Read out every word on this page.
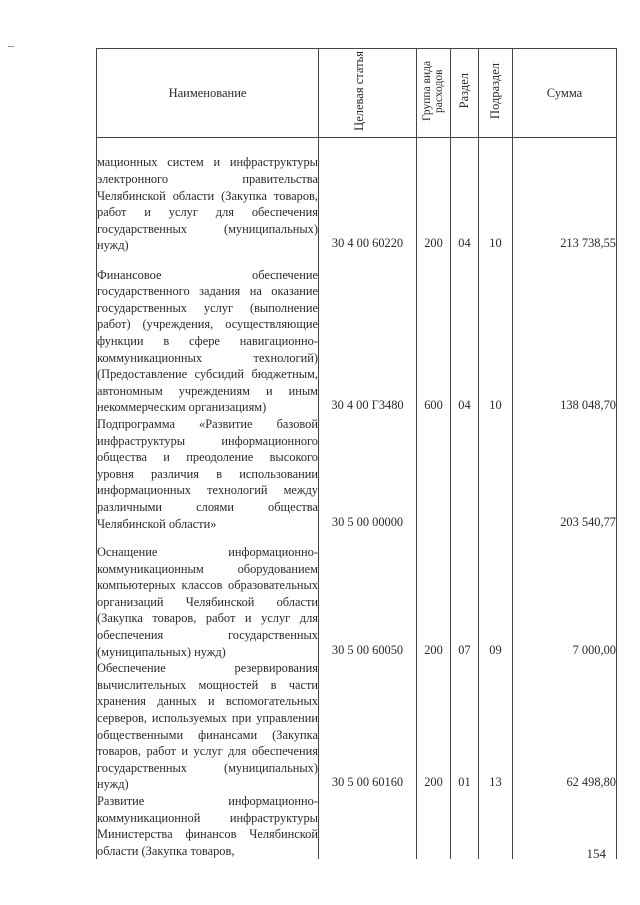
Наименование	Целевая статья	Группа вида расходов	Раздел	Подраздел	Сумма
мационных систем и инфраструктуры электронного правительства Челябинской области (Закупка товаров, работ и услуг для обеспечения государственных (муниципальных) нужд)	30 4 00 60220	200	04	10	213 738,55

Финансовое обеспечение государственного задания на оказание государственных услуг (выполнение работ) (учреждения, осуществляющие функции в сфере навигационно-коммуникационных технологий) (Предоставление субсидий бюджетным, автономным учреждениям и иным некоммерческим организациям)	30 4 00 Г3480	600	04	10	138 048,70

Подпрограмма «Развитие базовой инфраструктуры информационного общества и преодоление высокого уровня различия в использовании информационных технологий между различными слоями общества Челябинской области»	30 5 00 00000				203 540,77

Оснащение информационно-коммуникационным оборудованием компьютерных классов образовательных организаций Челябинской области (Закупка товаров, работ и услуг для обеспечения государственных (муниципальных) нужд)	30 5 00 60050	200	07	09	7 000,00

Обеспечение резервирования вычислительных мощностей в части хранения данных и вспомогательных серверов, используемых при управлении общественными финансами (Закупка товаров, работ и услуг для обеспечения государственных (муниципальных) нужд)	30 5 00 60160	200	01	13	62 498,80

Развитие информационно-коммуникационной инфраструктуры Министерства финансов Челябинской области (Закупка товаров,	

		154
